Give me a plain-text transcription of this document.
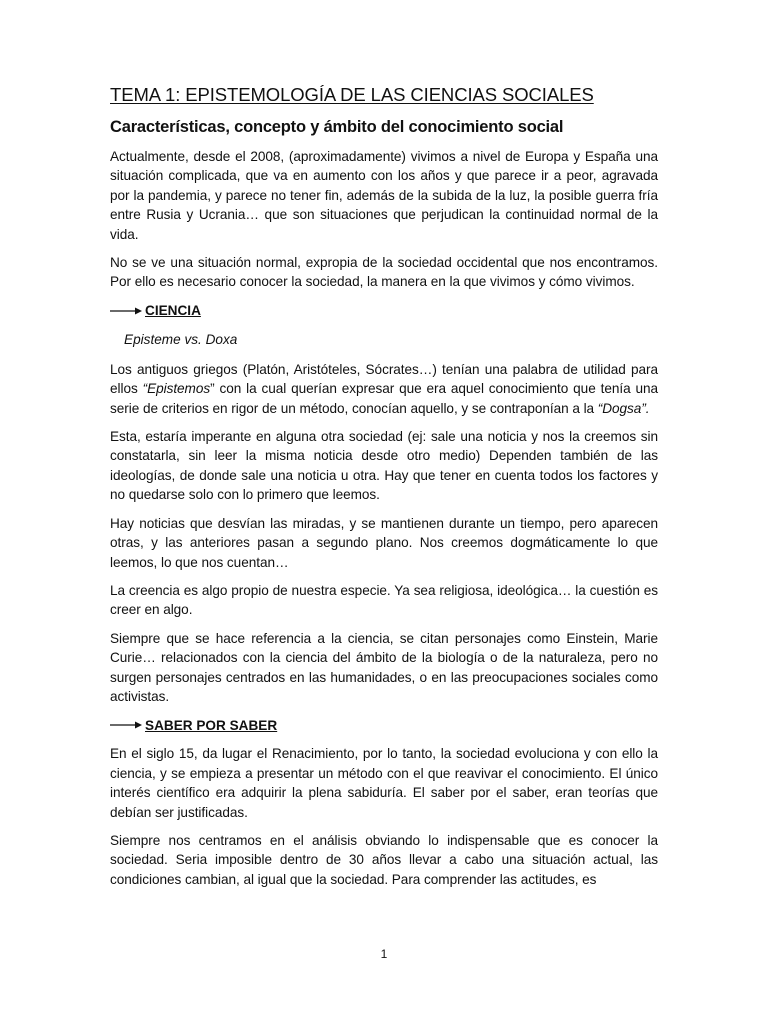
TEMA 1: EPISTEMOLOGÍA DE LAS CIENCIAS SOCIALES
Características, concepto y ámbito del conocimiento social

Actualmente, desde el 2008, (aproximadamente) vivimos a nivel de Europa y España una situación complicada, que va en aumento con los años y que parece ir a peor, agravada por la pandemia, y parece no tener fin, además de la subida de la luz, la posible guerra fría entre Rusia y Ucrania… que son situaciones que perjudican la continuidad normal de la vida.

No se ve una situación normal, expropia de la sociedad occidental que nos encontramos. Por ello es necesario conocer la sociedad, la manera en la que vivimos y cómo vivimos.

CIENCIA
Episteme vs. Doxa

Los antiguos griegos (Platón, Aristóteles, Sócrates…) tenían una palabra de utilidad para ellos “Epistemos” con la cual querían expresar que era aquel conocimiento que tenía una serie de criterios en rigor de un método, conocían aquello, y se contraponían a la “Dogsa”.

Esta, estaría imperante en alguna otra sociedad (ej: sale una noticia y nos la creemos sin constatarla, sin leer la misma noticia desde otro medio) Dependen también de las ideologías, de donde sale una noticia u otra. Hay que tener en cuenta todos los factores y no quedarse solo con lo primero que leemos.

Hay noticias que desvían las miradas, y se mantienen durante un tiempo, pero aparecen otras, y las anteriores pasan a segundo plano. Nos creemos dogmáticamente lo que leemos, lo que nos cuentan…

La creencia es algo propio de nuestra especie. Ya sea religiosa, ideológica… la cuestión es creer en algo.

Siempre que se hace referencia a la ciencia, se citan personajes como Einstein, Marie Curie… relacionados con la ciencia del ámbito de la biología o de la naturaleza, pero no surgen personajes centrados en las humanidades, o en las preocupaciones sociales como activistas.

SABER POR SABER

En el siglo 15, da lugar el Renacimiento, por lo tanto, la sociedad evoluciona y con ello la ciencia, y se empieza a presentar un método con el que reavivar el conocimiento. El único interés científico era adquirir la plena sabiduría. El saber por el saber, eran teorías que debían ser justificadas.

Siempre nos centramos en el análisis obviando lo indispensable que es conocer la sociedad. Seria imposible dentro de 30 años llevar a cabo una situación actual, las condiciones cambian, al igual que la sociedad. Para comprender las actitudes, es

1
